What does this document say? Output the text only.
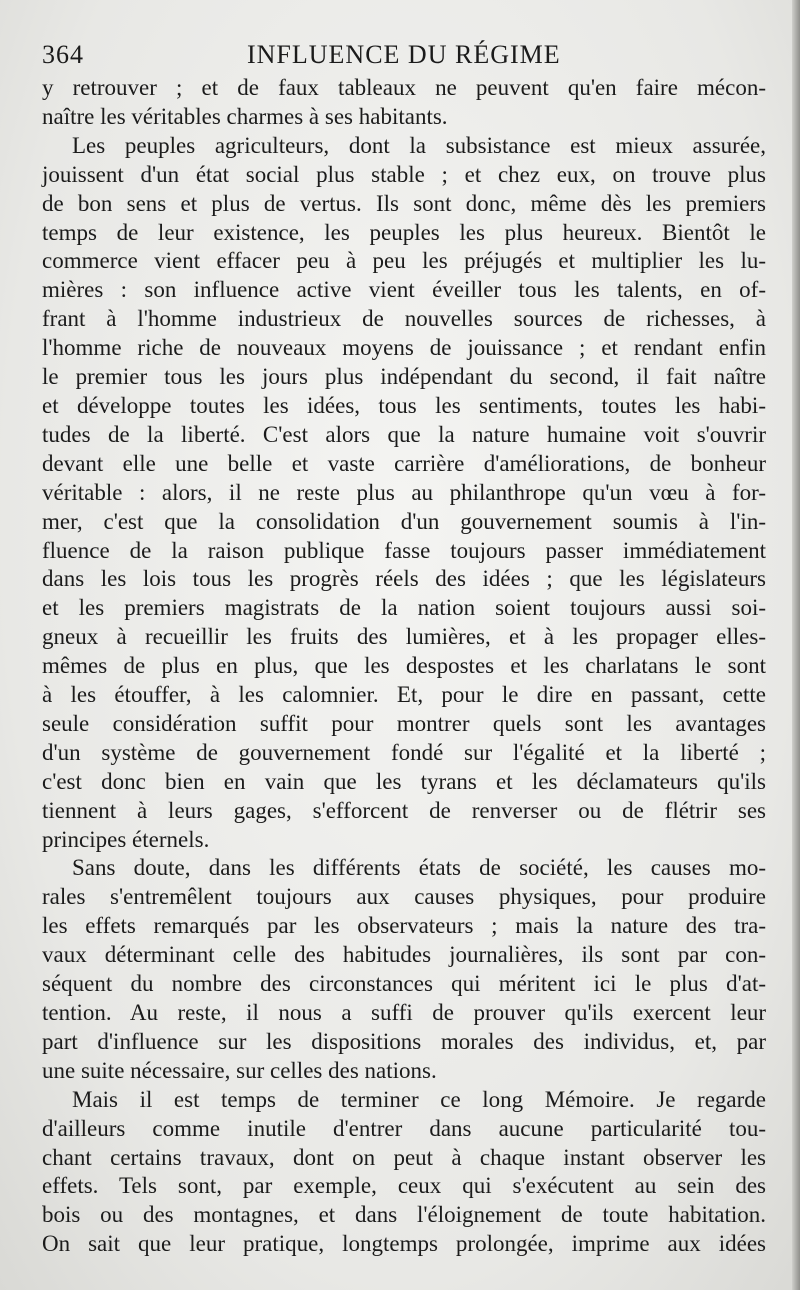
364	INFLUENCE DU RÉGIME

y retrouver ; et de faux tableaux ne peuvent qu'en faire mécon-
naître les véritables charmes à ses habitants.

Les peuples agriculteurs, dont la subsistance est mieux assurée,
jouissent d'un état social plus stable ; et chez eux, on trouve plus
de bon sens et plus de vertus. Ils sont donc, même dès les premiers
temps de leur existence, les peuples les plus heureux. Bientôt le
commerce vient effacer peu à peu les préjugés et multiplier les lu-
mières : son influence active vient éveiller tous les talents, en of-
frant à l'homme industrieux de nouvelles sources de richesses, à
l'homme riche de nouveaux moyens de jouissance ; et rendant enfin
le premier tous les jours plus indépendant du second, il fait naître
et développe toutes les idées, tous les sentiments, toutes les habi-
tudes de la liberté. C'est alors que la nature humaine voit s'ouvrir
devant elle une belle et vaste carrière d'améliorations, de bonheur
véritable : alors, il ne reste plus au philanthrope qu'un vœu à for-
mer, c'est que la consolidation d'un gouvernement soumis à l'in-
fluence de la raison publique fasse toujours passer immédiatement
dans les lois tous les progrès réels des idées ; que les législateurs
et les premiers magistrats de la nation soient toujours aussi soi-
gneux à recueillir les fruits des lumières, et à les propager elles-
mêmes de plus en plus, que les despostes et les charlatans le sont
à les étouffer, à les calomnier. Et, pour le dire en passant, cette
seule considération suffit pour montrer quels sont les avantages
d'un système de gouvernement fondé sur l'égalité et la liberté ;
c'est donc bien en vain que les tyrans et les déclamateurs qu'ils
tiennent à leurs gages, s'efforcent de renverser ou de flétrir ses
principes éternels.

Sans doute, dans les différents états de société, les causes mo-
rales s'entremêlent toujours aux causes physiques, pour produire
les effets remarqués par les observateurs ; mais la nature des tra-
vaux déterminant celle des habitudes journalières, ils sont par con-
séquent du nombre des circonstances qui méritent ici le plus d'at-
tention. Au reste, il nous a suffi de prouver qu'ils exercent leur
part d'influence sur les dispositions morales des individus, et, par
une suite nécessaire, sur celles des nations.

Mais il est temps de terminer ce long Mémoire. Je regarde
d'ailleurs comme inutile d'entrer dans aucune particularité tou-
chant certains travaux, dont on peut à chaque instant observer les
effets. Tels sont, par exemple, ceux qui s'exécutent au sein des
bois ou des montagnes, et dans l'éloignement de toute habitation.
On sait que leur pratique, longtemps prolongée, imprime aux idées
